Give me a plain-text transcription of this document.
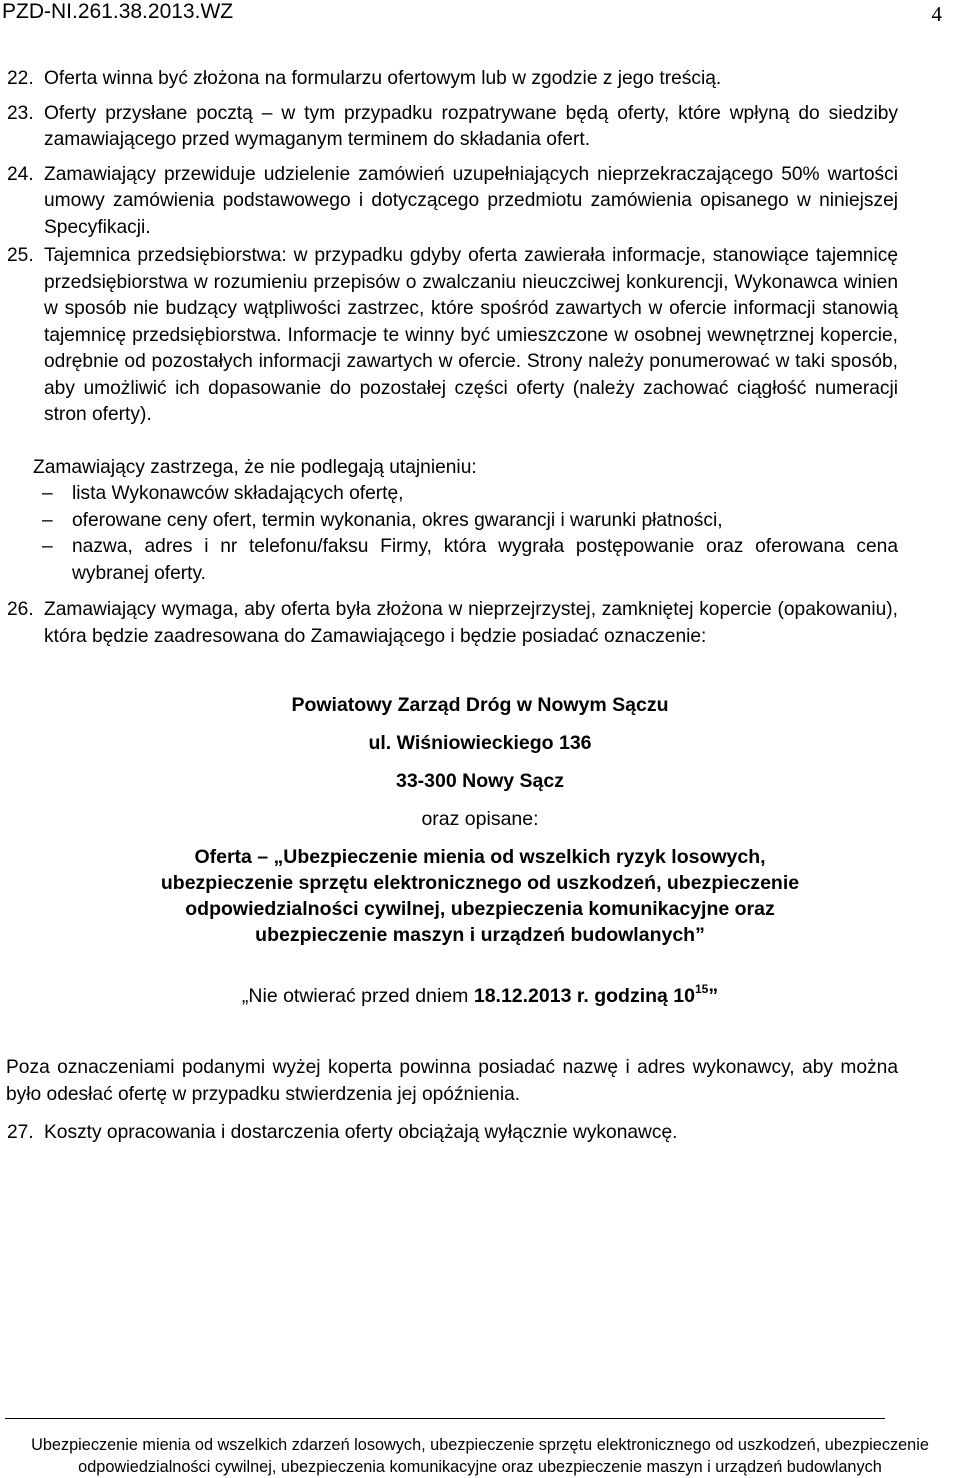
PZD-NI.261.38.2013.WZ	4
22. Oferta winna być złożona na formularzu ofertowym lub w zgodzie z jego treścią.
23. Oferty przysłane pocztą – w tym przypadku rozpatrywane będą oferty, które wpłyną do siedziby zamawiającego przed wymaganym terminem do składania ofert.
24. Zamawiający przewiduje udzielenie zamówień uzupełniających nieprzekraczającego 50% wartości umowy zamówienia podstawowego i dotyczącego przedmiotu zamówienia opisanego w niniejszej Specyfikacji.
25. Tajemnica przedsiębiorstwa: w przypadku gdyby oferta zawierała informacje, stanowiące tajemnicę przedsiębiorstwa w rozumieniu przepisów o zwalczaniu nieuczciwej konkurencji, Wykonawca winien w sposób nie budzący wątpliwości zastrzec, które spośród zawartych w ofercie informacji stanowią tajemnicę przedsiębiorstwa. Informacje te winny być umieszczone w osobnej wewnętrznej kopercie, odrębnie od pozostałych informacji zawartych w ofercie. Strony należy ponumerować w taki sposób, aby umożliwić ich dopasowanie do pozostałej części oferty (należy zachować ciągłość numeracji stron oferty).
Zamawiający zastrzega, że nie podlegają utajnieniu:
– lista Wykonawców składających ofertę,
– oferowane ceny ofert, termin wykonania, okres gwarancji i warunki płatności,
– nazwa, adres i nr telefonu/faksu Firmy, która wygrała postępowanie oraz oferowana cena wybranej oferty.
26. Zamawiający wymaga, aby oferta była złożona w nieprzejrzystej, zamkniętej kopercie (opakowaniu), która będzie zaadresowana do Zamawiającego i będzie posiadać oznaczenie:
Powiatowy Zarząd Dróg w Nowym Sączu
ul. Wiśniowieckiego 136
33-300 Nowy Sącz
oraz opisane:
Oferta – „Ubezpieczenie mienia od wszelkich ryzyk losowych,
ubezpieczenie sprzętu elektronicznego od uszkodzeń, ubezpieczenie
odpowiedzialności cywilnej, ubezpieczenia komunikacyjne oraz
ubezpieczenie maszyn i urządzeń budowlanych”
„Nie otwierać przed dniem 18.12.2013 r. godziną $10^{15}$”
Poza oznaczeniami podanymi wyżej koperta powinna posiadać nazwę i adres wykonawcy, aby można było odesłać ofertę w przypadku stwierdzenia jej opóźnienia.
27. Koszty opracowania i dostarczenia oferty obciążają wyłącznie wykonawcę.
Ubezpieczenie mienia od wszelkich zdarzeń losowych, ubezpieczenie sprzętu elektronicznego od uszkodzeń, ubezpieczenie
odpowiedzialności cywilnej, ubezpieczenia komunikacyjne oraz ubezpieczenie maszyn i urządzeń budowlanych
